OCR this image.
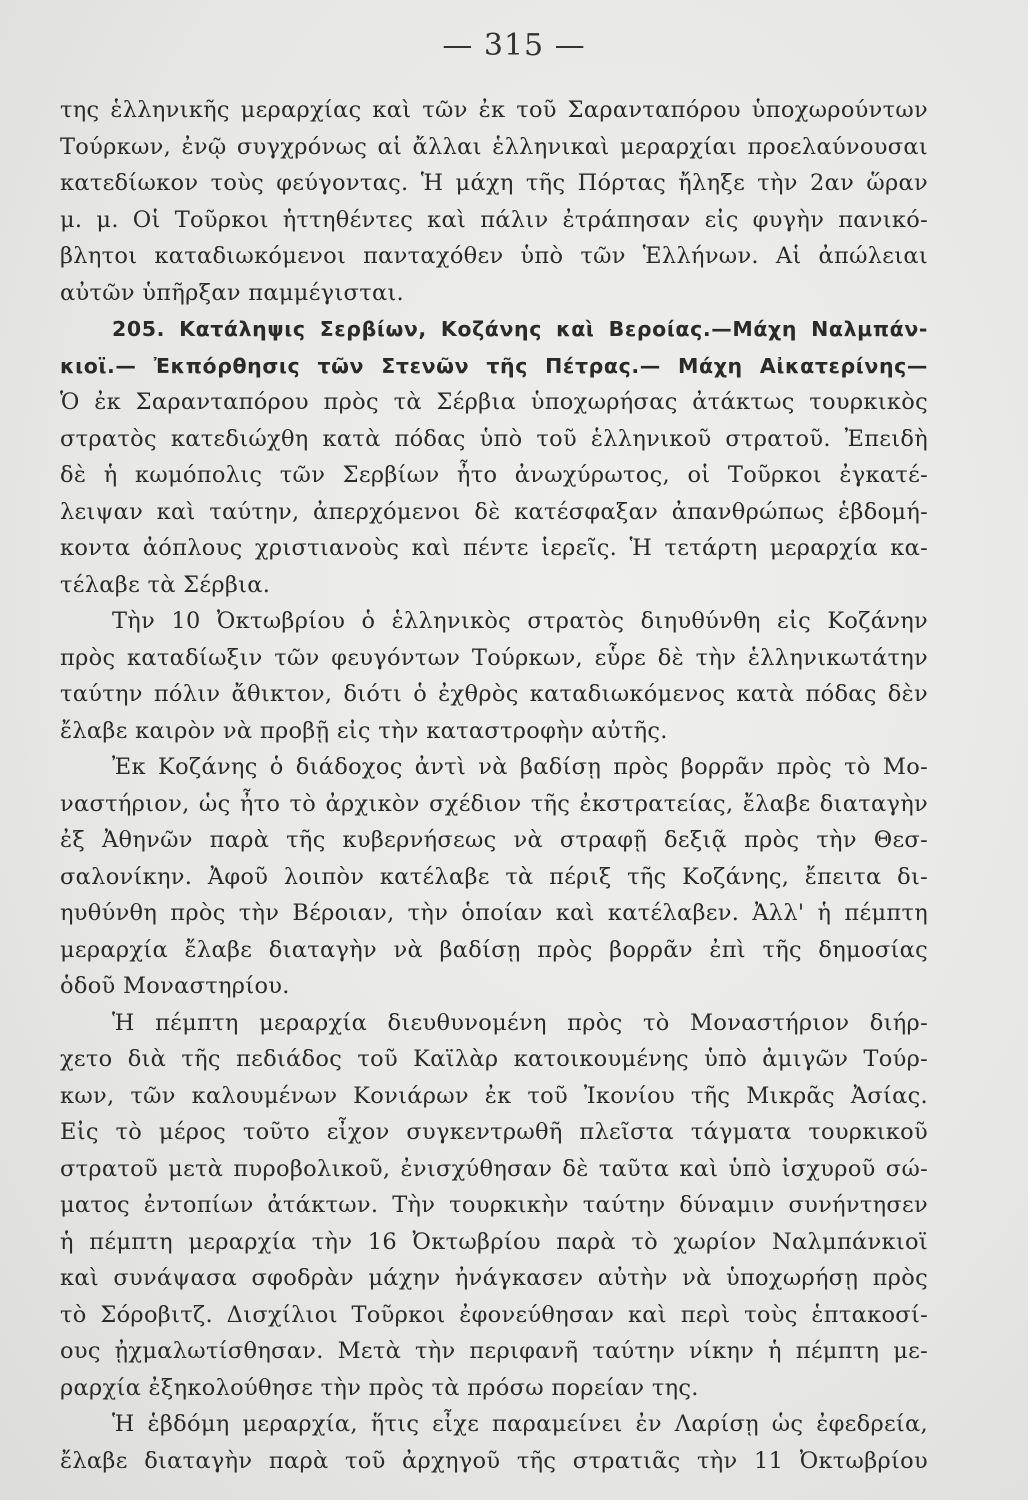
— 315 —
της ἑλληνικῆς μεραρχίας καὶ τῶν ἐκ τοῦ Σαρανταπόρου ὑποχωρούντων
Τούρκων, ἐνῷ συγχρόνως αἱ ἄλλαι ἑλληνικαὶ μεραρχίαι προελαύνουσαι
κατεδίωκον τοὺς φεύγοντας. Ἡ μάχη τῆς Πόρτας ἤληξε τὴν 2αν ὥραν
μ. μ. Οἱ Τοῦρκοι ἡττηθέντες καὶ πάλιν ἐτράπησαν εἰς φυγὴν πανικό-
βλητοι καταδιωκόμενοι πανταχόθεν ὑπὸ τῶν Ἑλλήνων. Αἱ ἀπώλειαι
αὐτῶν ὑπῆρξαν παμμέγισται.
205. Κατάληψις Σερβίων, Κοζάνης καὶ Βεροίας.—Μάχη Ναλμπάν-
κιοϊ.— Ἐκπόρθησις τῶν Στενῶν τῆς Πέτρας.— Μάχη Αἰκατερίνης—
Ὁ ἐκ Σαρανταπόρου πρὸς τὰ Σέρβια ὑποχωρήσας ἀτάκτως τουρκικὸς
στρατὸς κατεδιώχθη κατὰ πόδας ὑπὸ τοῦ ἑλληνικοῦ στρατοῦ. Ἐπειδὴ
δὲ ἡ κωμόπολις τῶν Σερβίων ἦτο ἀνωχύρωτος, οἱ Τοῦρκοι ἐγκατέ-
λειψαν καὶ ταύτην, ἀπερχόμενοι δὲ κατέσφαξαν ἀπανθρώπως ἑβδομή-
κοντα ἀόπλους χριστιανοὺς καὶ πέντε ἱερεῖς. Ἡ τετάρτη μεραρχία κα-
τέλαβε τὰ Σέρβια.
Τὴν 10 Ὀκτωβρίου ὁ ἑλληνικὸς στρατὸς διηυθύνθη εἰς Κοζάνην
πρὸς καταδίωξιν τῶν φευγόντων Τούρκων, εὗρε δὲ τὴν ἑλληνικωτάτην
ταύτην πόλιν ἄθικτον, διότι ὁ ἐχθρὸς καταδιωκόμενος κατὰ πόδας δὲν
ἔλαβε καιρὸν νὰ προβῇ εἰς τὴν καταστροφὴν αὐτῆς.
Ἐκ Κοζάνης ὁ διάδοχος ἀντὶ νὰ βαδίσῃ πρὸς βορρᾶν πρὸς τὸ Μο-
ναστήριον, ὡς ἦτο τὸ ἀρχικὸν σχέδιον τῆς ἐκστρατείας, ἔλαβε διαταγὴν
ἐξ Ἀθηνῶν παρὰ τῆς κυβερνήσεως νὰ στραφῇ δεξιᾷ πρὸς τὴν Θεσ-
σαλονίκην. Ἀφοῦ λοιπὸν κατέλαβε τὰ πέριξ τῆς Κοζάνης, ἔπειτα δι-
ηυθύνθη πρὸς τὴν Βέροιαν, τὴν ὁποίαν καὶ κατέλαβεν. Ἀλλ' ἡ πέμπτη
μεραρχία ἔλαβε διαταγὴν νὰ βαδίσῃ πρὸς βορρᾶν ἐπὶ τῆς δημοσίας
ὁδοῦ Μοναστηρίου.
Ἡ πέμπτη μεραρχία διευθυνομένη πρὸς τὸ Μοναστήριον διήρ-
χετο διὰ τῆς πεδιάδος τοῦ Καϊλὰρ κατοικουμένης ὑπὸ ἀμιγῶν Τούρ-
κων, τῶν καλουμένων Κονιάρων ἐκ τοῦ Ἰκονίου τῆς Μικρᾶς Ἀσίας.
Εἰς τὸ μέρος τοῦτο εἶχον συγκεντρωθῆ πλεῖστα τάγματα τουρκικοῦ
στρατοῦ μετὰ πυροβολικοῦ, ἐνισχύθησαν δὲ ταῦτα καὶ ὑπὸ ἰσχυροῦ σώ-
ματος ἐντοπίων ἀτάκτων. Τὴν τουρκικὴν ταύτην δύναμιν συνήντησεν
ἡ πέμπτη μεραρχία τὴν 16 Ὀκτωβρίου παρὰ τὸ χωρίον Ναλμπάνκιοϊ
καὶ συνάψασα σφοδρὰν μάχην ἠνάγκασεν αὐτὴν νὰ ὑποχωρήσῃ πρὸς
τὸ Σόροβιτζ. Δισχίλιοι Τοῦρκοι ἐφονεύθησαν καὶ περὶ τοὺς ἑπτακοσί-
ους ᾐχμαλωτίσθησαν. Μετὰ τὴν περιφανῆ ταύτην νίκην ἡ πέμπτη με-
ραρχία ἐξηκολούθησε τὴν πρὸς τὰ πρόσω πορείαν της.
Ἡ ἑβδόμη μεραρχία, ἥτις εἶχε παραμείνει ἐν Λαρίσῃ ὡς ἐφεδρεία,
ἔλαβε διαταγὴν παρὰ τοῦ ἀρχηγοῦ τῆς στρατιᾶς τὴν 11 Ὀκτωβρίου
